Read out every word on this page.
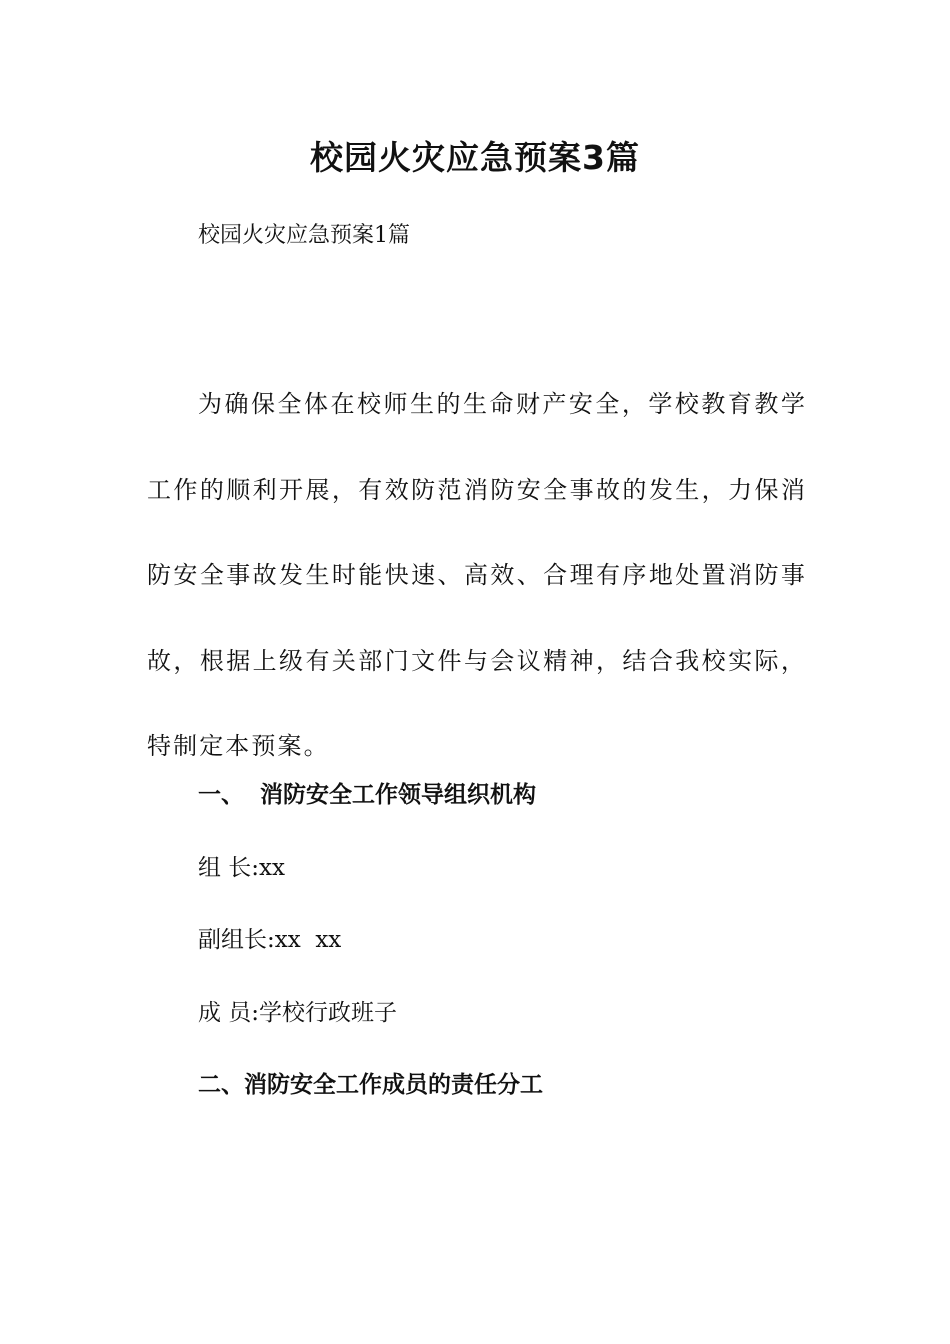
校园火灾应急预案3篇
校园火灾应急预案1篇

为确保全体在校师生的生命财产安全，学校教育教学工作的顺利开展，有效防范消防安全事故的发生，力保消防安全事故发生时能快速、高效、合理有序地处置消防事故，根据上级有关部门文件与会议精神，结合我校实际，特制定本预案。

一、  消防安全工作领导组织机构
组 长:xx
副组长:xx  xx
成 员:学校行政班子
二、消防安全工作成员的责任分工
